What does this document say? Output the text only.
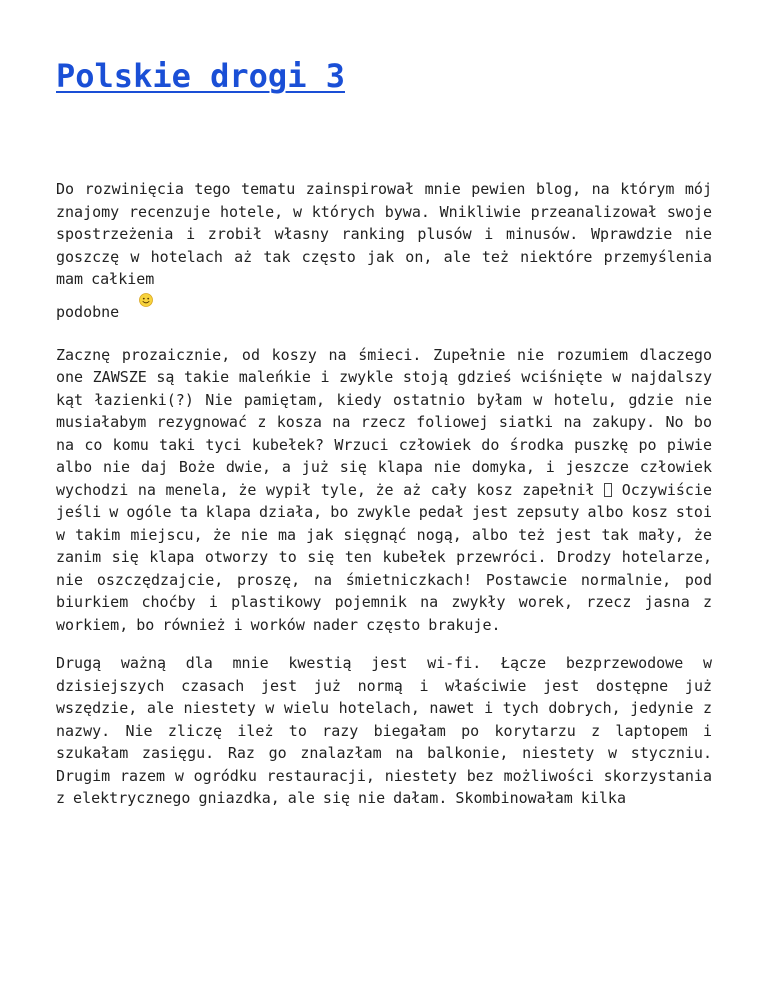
Polskie drogi 3

Do rozwinięcia tego tematu zainspirował mnie pewien blog, na którym mój znajomy recenzuje hotele, w których bywa. Wnikliwie przeanalizował swoje spostrzeżenia i zrobił własny ranking plusów i minusów. Wprawdzie nie goszczę w hotelach aż tak często jak on, ale też niektóre przemyślenia mam całkiem
podobne

Zacznę prozaicznie, od koszy na śmieci. Zupełnie nie rozumiem dlaczego one ZAWSZE są takie maleńkie i zwykle stoją gdzieś wciśnięte w najdalszy kąt łazienki(?) Nie pamiętam, kiedy ostatnio byłam w hotelu, gdzie nie musiałabym rezygnować z kosza na rzecz foliowej siatki na zakupy. No bo na co komu taki tyci kubełek? Wrzuci człowiek do środka puszkę po piwie albo nie daj Boże dwie, a już się klapa nie domyka, i jeszcze człowiek wychodzi na menela, że wypił tyle, że aż cały kosz zapełnił Oczywiście jeśli w ogóle ta klapa działa, bo zwykle pedał jest zepsuty albo kosz stoi w takim miejscu, że nie ma jak sięgnąć nogą, albo też jest tak mały, że zanim się klapa otworzy to się ten kubełek przewróci. Drodzy hotelarze, nie oszczędzajcie, proszę, na śmietniczkach! Postawcie normalnie, pod biurkiem choćby i plastikowy pojemnik na zwykły worek, rzecz jasna z workiem, bo również i worków nader często brakuje.

Drugą ważną dla mnie kwestią jest wi-fi. Łącze bezprzewodowe w dzisiejszych czasach jest już normą i właściwie jest dostępne już wszędzie, ale niestety w wielu hotelach, nawet i tych dobrych, jedynie z nazwy. Nie zliczę ileż to razy biegałam po korytarzu z laptopem i szukałam zasięgu. Raz go znalazłam na balkonie, niestety w styczniu. Drugim razem w ogródku restauracji, niestety bez możliwości skorzystania z elektrycznego gniazdka, ale się nie dałam. Skombinowałam kilka
